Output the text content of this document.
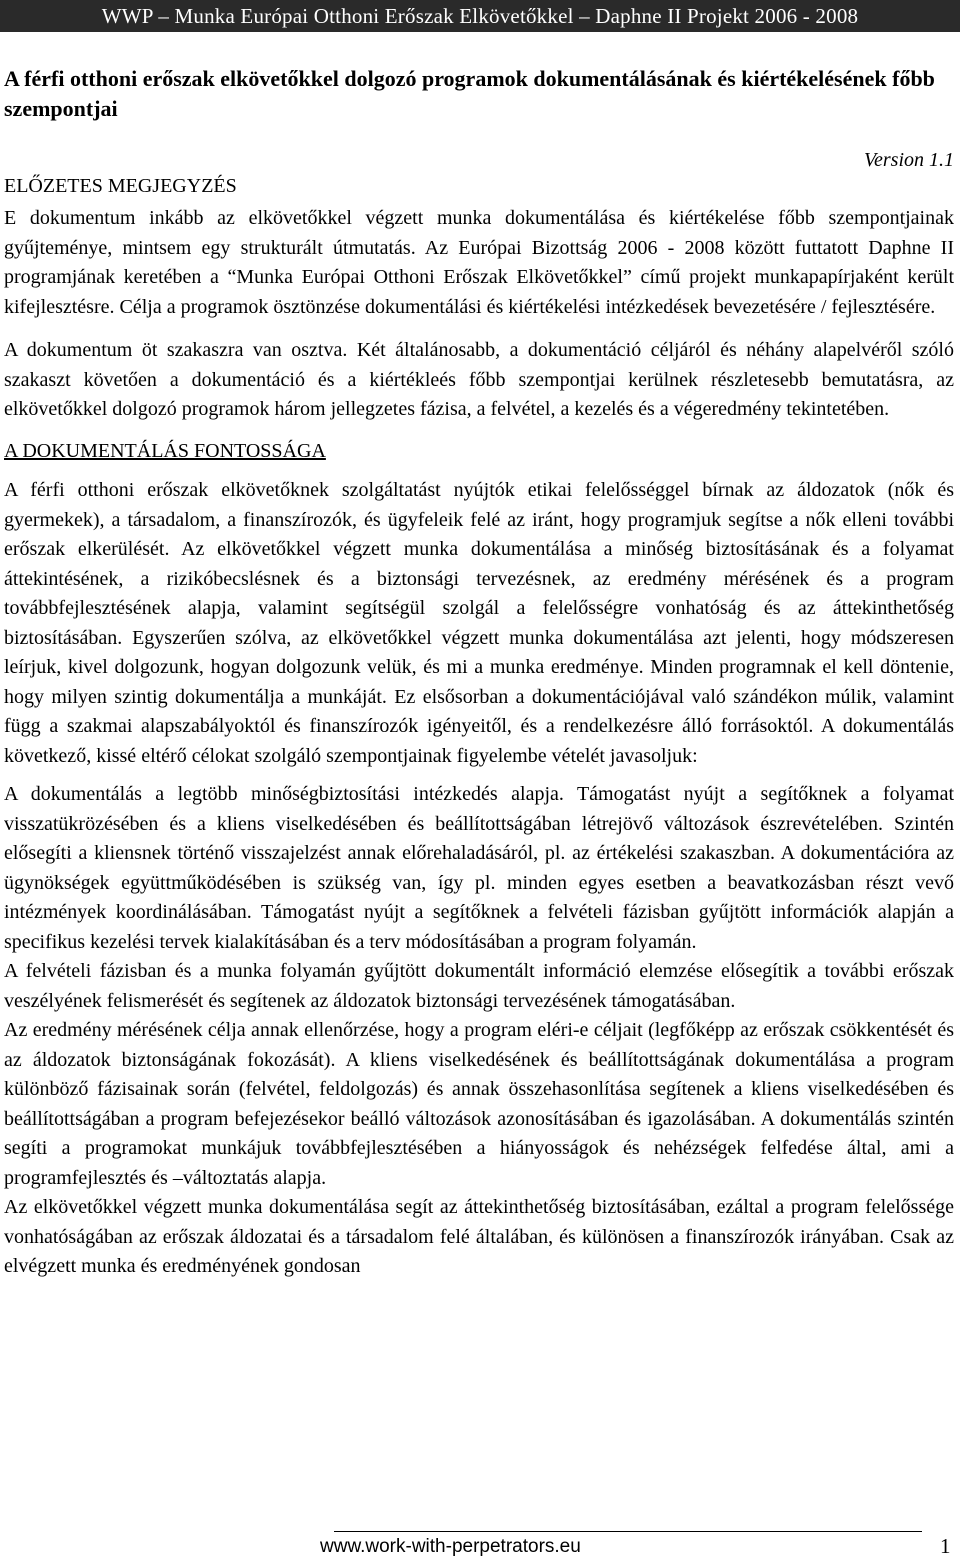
WWP – Munka Európai Otthoni Erőszak Elkövetőkkel – Daphne II Projekt 2006 - 2008
A férfi otthoni erőszak elkövetőkkel dolgozó programok dokumentálásának és kiértékelésének főbb szempontjai
Version 1.1
ELŐZETES MEGJEGYZÉS

E dokumentum inkább az elkövetőkkel végzett munka dokumentálása és kiértékelése főbb szempontjainak gyűjteménye, mintsem egy strukturált útmutatás. Az Európai Bizottság 2006 - 2008 között futtatott Daphne II programjának keretében a “Munka Európai Otthoni Erőszak Elkövetőkkel” című projekt munkapapírjaként került kifejlesztésre. Célja a programok ösztönzése dokumentálási és kiértékelési intézkedések bevezetésére / fejlesztésére.

A dokumentum öt szakaszra van osztva. Két általánosabb, a dokumentáció céljáról és néhány alapelvéről szóló szakaszt követően a dokumentáció és a kiértékleés főbb szempontjai kerülnek részletesebb bemutatásra, az elkövetőkkel dolgozó programok három jellegzetes fázisa, a felvétel, a kezelés és a végeredmény tekintetében.

A DOKUMENTÁLÁS FONTOSSÁGA

A férfi otthoni erőszak elkövetőknek szolgáltatást nyújtók etikai felelősséggel bírnak az áldozatok (nők és gyermekek), a társadalom, a finanszírozók, és ügyfeleik felé az iránt, hogy programjuk segítse a nők elleni további erőszak elkerülését. Az elkövetőkkel végzett munka dokumentálása a minőség biztosításának és a folyamat áttekintésének, a rizikóbecslésnek és a biztonsági tervezésnek, az eredmény mérésének és a program továbbfejlesztésének alapja, valamint segítségül szolgál a felelősségre vonhatóság és az áttekinthetőség biztosításában. Egyszerűen szólva, az elkövetőkkel végzett munka dokumentálása azt jelenti, hogy módszeresen leírjuk, kivel dolgozunk, hogyan dolgozunk velük, és mi a munka eredménye. Minden programnak el kell döntenie, hogy milyen szintig dokumentálja a munkáját. Ez elsősorban a dokumentációjával való szándékon múlik, valamint függ a szakmai alapszabályoktól és finanszírozók igényeitől, és a rendelkezésre álló forrásoktól. A dokumentálás következő, kissé eltérő célokat szolgáló szempontjainak figyelembe vételét javasoljuk:

A dokumentálás a legtöbb minőségbiztosítási intézkedés alapja. Támogatást nyújt a segítőknek a folyamat visszatükrözésében és a kliens viselkedésében és beállítottságában létrejövő változások észrevételében. Szintén elősegíti a kliensnek történő visszajelzést annak előrehaladásáról, pl. az értékelési szakaszban. A dokumentációra az ügynökségek együttműködésében is szükség van, így pl. minden egyes esetben a beavatkozásban részt vevő intézmények koordinálásában. Támogatást nyújt a segítőknek a felvételi fázisban gyűjtött információk alapján a specifikus kezelési tervek kialakításában és a terv módosításában a program folyamán.

A felvételi fázisban és a munka folyamán gyűjtött dokumentált információ elemzése elősegítik a további erőszak veszélyének felismerését és segítenek az áldozatok biztonsági tervezésének támogatásában.

Az eredmény mérésének célja annak ellenőrzése, hogy a program eléri-e céljait (legfőképp az erőszak csökkentését és az áldozatok biztonságának fokozását). A kliens viselkedésének és beállítottságának dokumentálása a program különböző fázisainak során (felvétel, feldolgozás) és annak összehasonlítása segítenek a kliens viselkedésében és beállítottságában a program befejezésekor beálló változások azonosításában és igazolásában. A dokumentálás szintén segíti a programokat munkájuk továbbfejlesztésében a hiányosságok és nehézségek felfedése által, ami a programfejlesztés és –változtatás alapja.

Az elkövetőkkel végzett munka dokumentálása segít az áttekinthetőség biztosításában, ezáltal a program felelőssége vonhatóságában az erőszak áldozatai és a társadalom felé általában, és különösen a finanszírozók irányában. Csak az elvégzett munka és eredményének gondosan

www.work-with-perpetrators.eu	1
